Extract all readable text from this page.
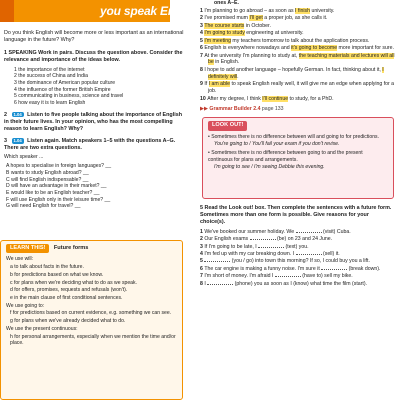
you speak Engli
Do you think English will become more or less important as an international language in the future? Why?
1 SPEAKING Work in pairs. Discuss the question above. Consider the relevance and importance of the ideas below.
1 the importance of the internet
2 the success of China and India
3 the dominance of American popular culture
4 the influence of the former British Empire
5 communicating in business, science and travel
6 how easy it is to learn English
2 1.04 Listen to five people talking about the importance of English in their future lives. In your opinion, who has the most compelling reason to learn English? Why?
3 1.04 Listen again. Match speakers 1–5 with the questions A–G. There are two extra questions.
Which speaker ...
A hopes to specialise in foreign languages? __
B wants to study English abroad? __
C will find English indispensable? __
D will have an advantage in their market? __
E would like to be an English teacher? __
F will use English only in their leisure time? __
G will need English for travel? __
LEARN THIS! Future forms
We use will:
a to talk about facts in the future.
b for predictions based on what we know.
c for plans when we're deciding what to do as we speak.
d for offers, promises, requests and refusals (won't).
e in the main clause of first conditional sentences.
We use going to:
f for predictions based on current evidence, e.g. something we can see.
g for plans when we've already decided what to do.
We use the present continuous:
h for personal arrangements, especially when we mention the time and/or place.
ones A–E.
1 I'm planning to go abroad – as soon as I finish university.
2 I've promised mum I'll get a proper job, as she calls it.
3 The course starts in October.
4 I'm going to study engineering at university.
5 I'm meeting my teachers tomorrow to talk about the application process.
6 English is everywhere nowadays and it's going to become more important for sure.
7 At the university I'm planning to study at, the teaching materials and lectures will all be in English.
8 I hope to add another language – hopefully German. In fact, thinking about it, I definitely will.
9 If I am able to speak English really well, it will give me an edge when applying for a job.
10 After my degree, I think I'll continue to study, for a PhD.
▶▶ Grammar Builder 2.4 page 133
LOOK OUT!
• Sometimes there is no difference between will and going to for predictions.
You're going to / You'll fail your exam if you don't revise.
• Sometimes there is no difference between going to and the present continuous for plans and arrangements.
I'm going to see / I'm seeing Debbie this evening.
5 Read the Look out! box. Then complete the sentences with a future form. Sometimes more than one form is possible. Give reasons for your choice(s).
1 We've booked our summer holiday. We	(visit) Cuba.
2 Our English exams	(be) on 23 and 24 June.
3 If I'm going to be late, I	(text) you.
4 I'm fed up with my car breaking down. I	(sell) it.
5	(you / go) into town this morning? If so, I could buy you a lift.
6 The car engine is making a funny noise. I'm sure it	(break down).
7 I'm short of money. I'm afraid I	(have to) sell my bike.
8 I	(phone) you as soon as I (know) what time the film (start).
